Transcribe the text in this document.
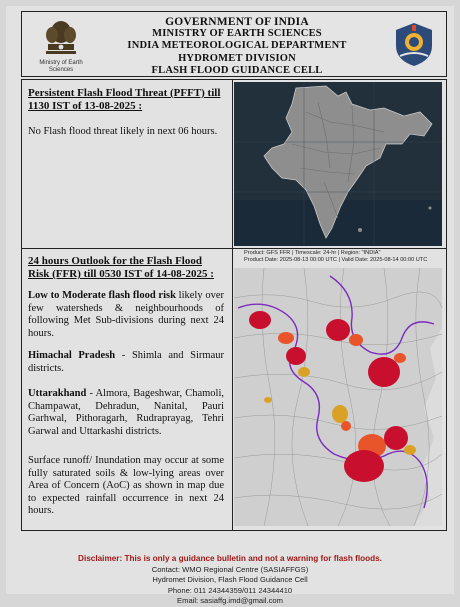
Ministry of Earth Sciences
GOVERNMENT OF INDIA
MINISTRY OF EARTH SCIENCES
INDIA METEOROLOGICAL DEPARTMENT
HYDROMET DIVISION
FLASH FLOOD GUIDANCE CELL
Persistent Flash Flood Threat (PFFT) till 1130 IST of 13-08-2025 :
No Flash flood threat likely in next 06 hours.
Product: GFS FFR | Timescale: 24-hr | Region: "INDIA"
Product Date: 2025-08-13 00:00 UTC | Valid Date: 2025-08-14 00:00 UTC
24 hours Outlook for the Flash Flood Risk (FFR) till 0530 IST of 14-08-2025 :
Low to Moderate flash flood risk likely over few watersheds & neighbourhoods of following Met Sub-divisions during next 24 hours.
Himachal Pradesh - Shimla and Sirmaur districts.
Uttarakhand - Almora, Bageshwar, Chamoli, Champawat, Dehradun, Nanital, Pauri Garhwal, Pithoragarh, Rudraprayag, Tehri Garwal and Uttarkashi districts.
Surface runoff/ Inundation may occur at some fully saturated soils & low-lying areas over Area of Concern (AoC) as shown in map due to expected rainfall occurrence in next 24 hours.
Disclaimer: This is only a guidance bulletin and not a warning for flash floods.
Contact: WMO Regional Centre (SASIAFFGS)
Hydromet Division, Flash Flood Guidance Cell
Phone: 011 24344359/011 24344410
Email: sasiaffg.imd@gmail.com
